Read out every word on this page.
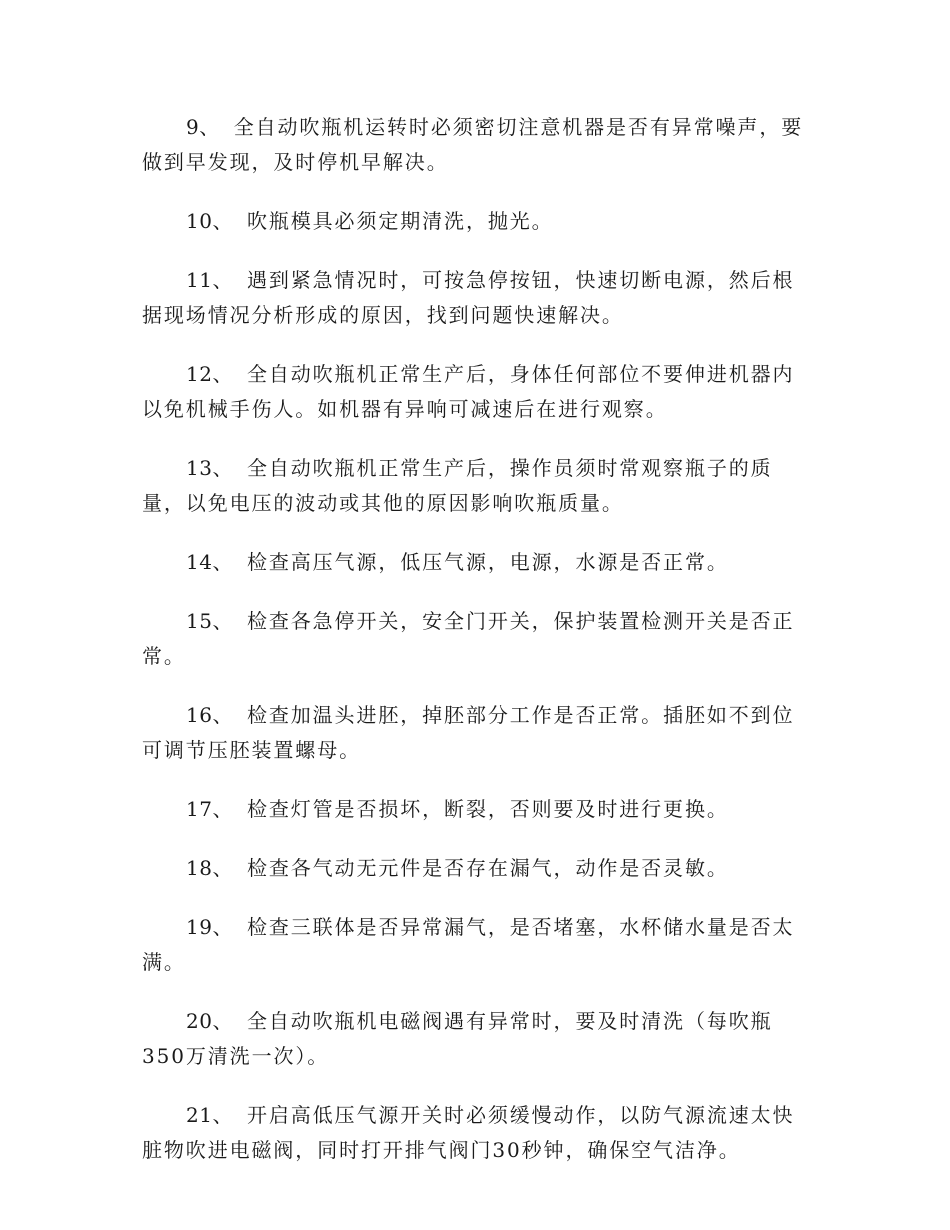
9、 全自动吹瓶机运转时必须密切注意机器是否有异常噪声，要做到早发现，及时停机早解决。

10、 吹瓶模具必须定期清洗，抛光。

11、 遇到紧急情况时，可按急停按钮，快速切断电源，然后根据现场情况分析形成的原因，找到问题快速解决。

12、 全自动吹瓶机正常生产后，身体任何部位不要伸进机器内以免机械手伤人。如机器有异响可减速后在进行观察。

13、 全自动吹瓶机正常生产后，操作员须时常观察瓶子的质量，以免电压的波动或其他的原因影响吹瓶质量。

14、 检查高压气源，低压气源，电源，水源是否正常。

15、 检查各急停开关，安全门开关，保护装置检测开关是否正常。

16、 检查加温头进胚，掉胚部分工作是否正常。插胚如不到位可调节压胚装置螺母。

17、 检查灯管是否损坏，断裂，否则要及时进行更换。

18、 检查各气动无元件是否存在漏气，动作是否灵敏。

19、 检查三联体是否异常漏气，是否堵塞，水杯储水量是否太满。

20、 全自动吹瓶机电磁阀遇有异常时，要及时清洗（每吹瓶350万清洗一次）。

21、 开启高低压气源开关时必须缓慢动作，以防气源流速太快脏物吹进电磁阀，同时打开排气阀门30秒钟，确保空气洁净。
